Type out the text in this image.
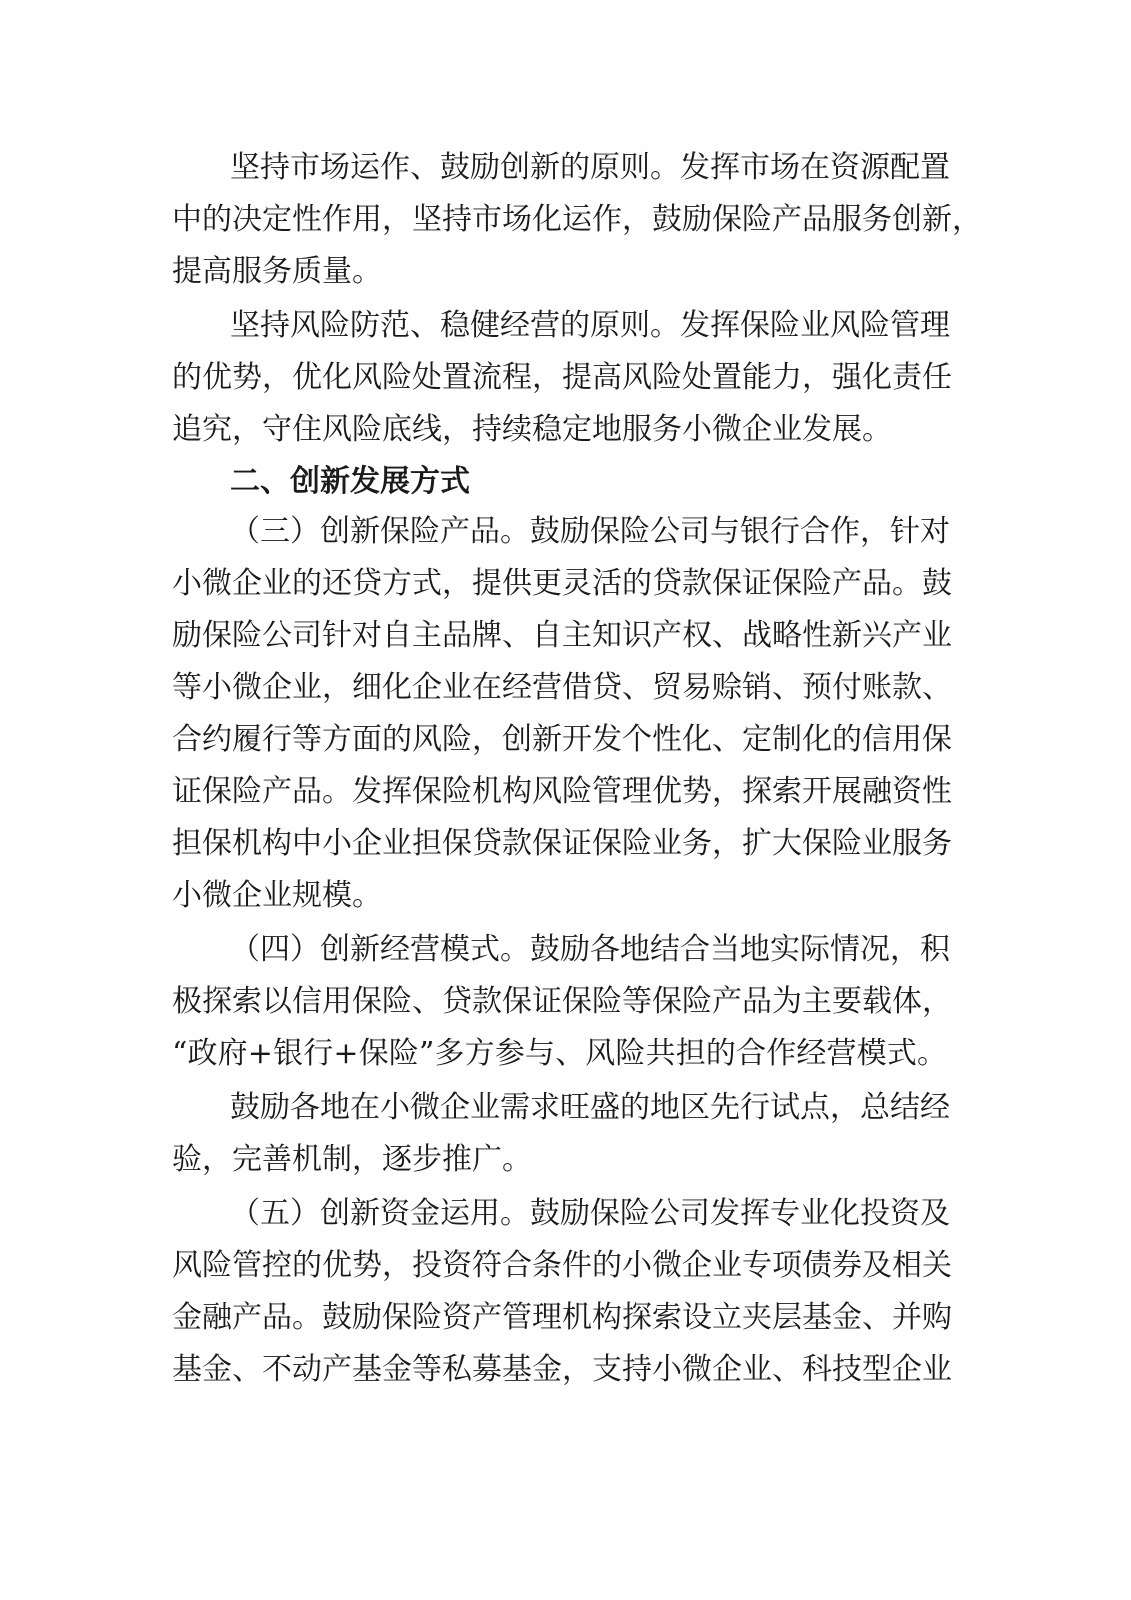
坚持市场运作、鼓励创新的原则。发挥市场在资源配置
中的决定性作用，坚持市场化运作，鼓励保险产品服务创新，
提高服务质量。
坚持风险防范、稳健经营的原则。发挥保险业风险管理
的优势，优化风险处置流程，提高风险处置能力，强化责任
追究，守住风险底线，持续稳定地服务小微企业发展。
二、创新发展方式
（三）创新保险产品。鼓励保险公司与银行合作，针对
小微企业的还贷方式，提供更灵活的贷款保证保险产品。鼓
励保险公司针对自主品牌、自主知识产权、战略性新兴产业
等小微企业，细化企业在经营借贷、贸易赊销、预付账款、
合约履行等方面的风险，创新开发个性化、定制化的信用保
证保险产品。发挥保险机构风险管理优势，探索开展融资性
担保机构中小企业担保贷款保证保险业务，扩大保险业服务
小微企业规模。
（四）创新经营模式。鼓励各地结合当地实际情况，积
极探索以信用保险、贷款保证保险等保险产品为主要载体，
“政府+银行+保险”多方参与、风险共担的合作经营模式。
鼓励各地在小微企业需求旺盛的地区先行试点，总结经
验，完善机制，逐步推广。
（五）创新资金运用。鼓励保险公司发挥专业化投资及
风险管控的优势，投资符合条件的小微企业专项债券及相关
金融产品。鼓励保险资产管理机构探索设立夹层基金、并购
基金、不动产基金等私募基金，支持小微企业、科技型企业
